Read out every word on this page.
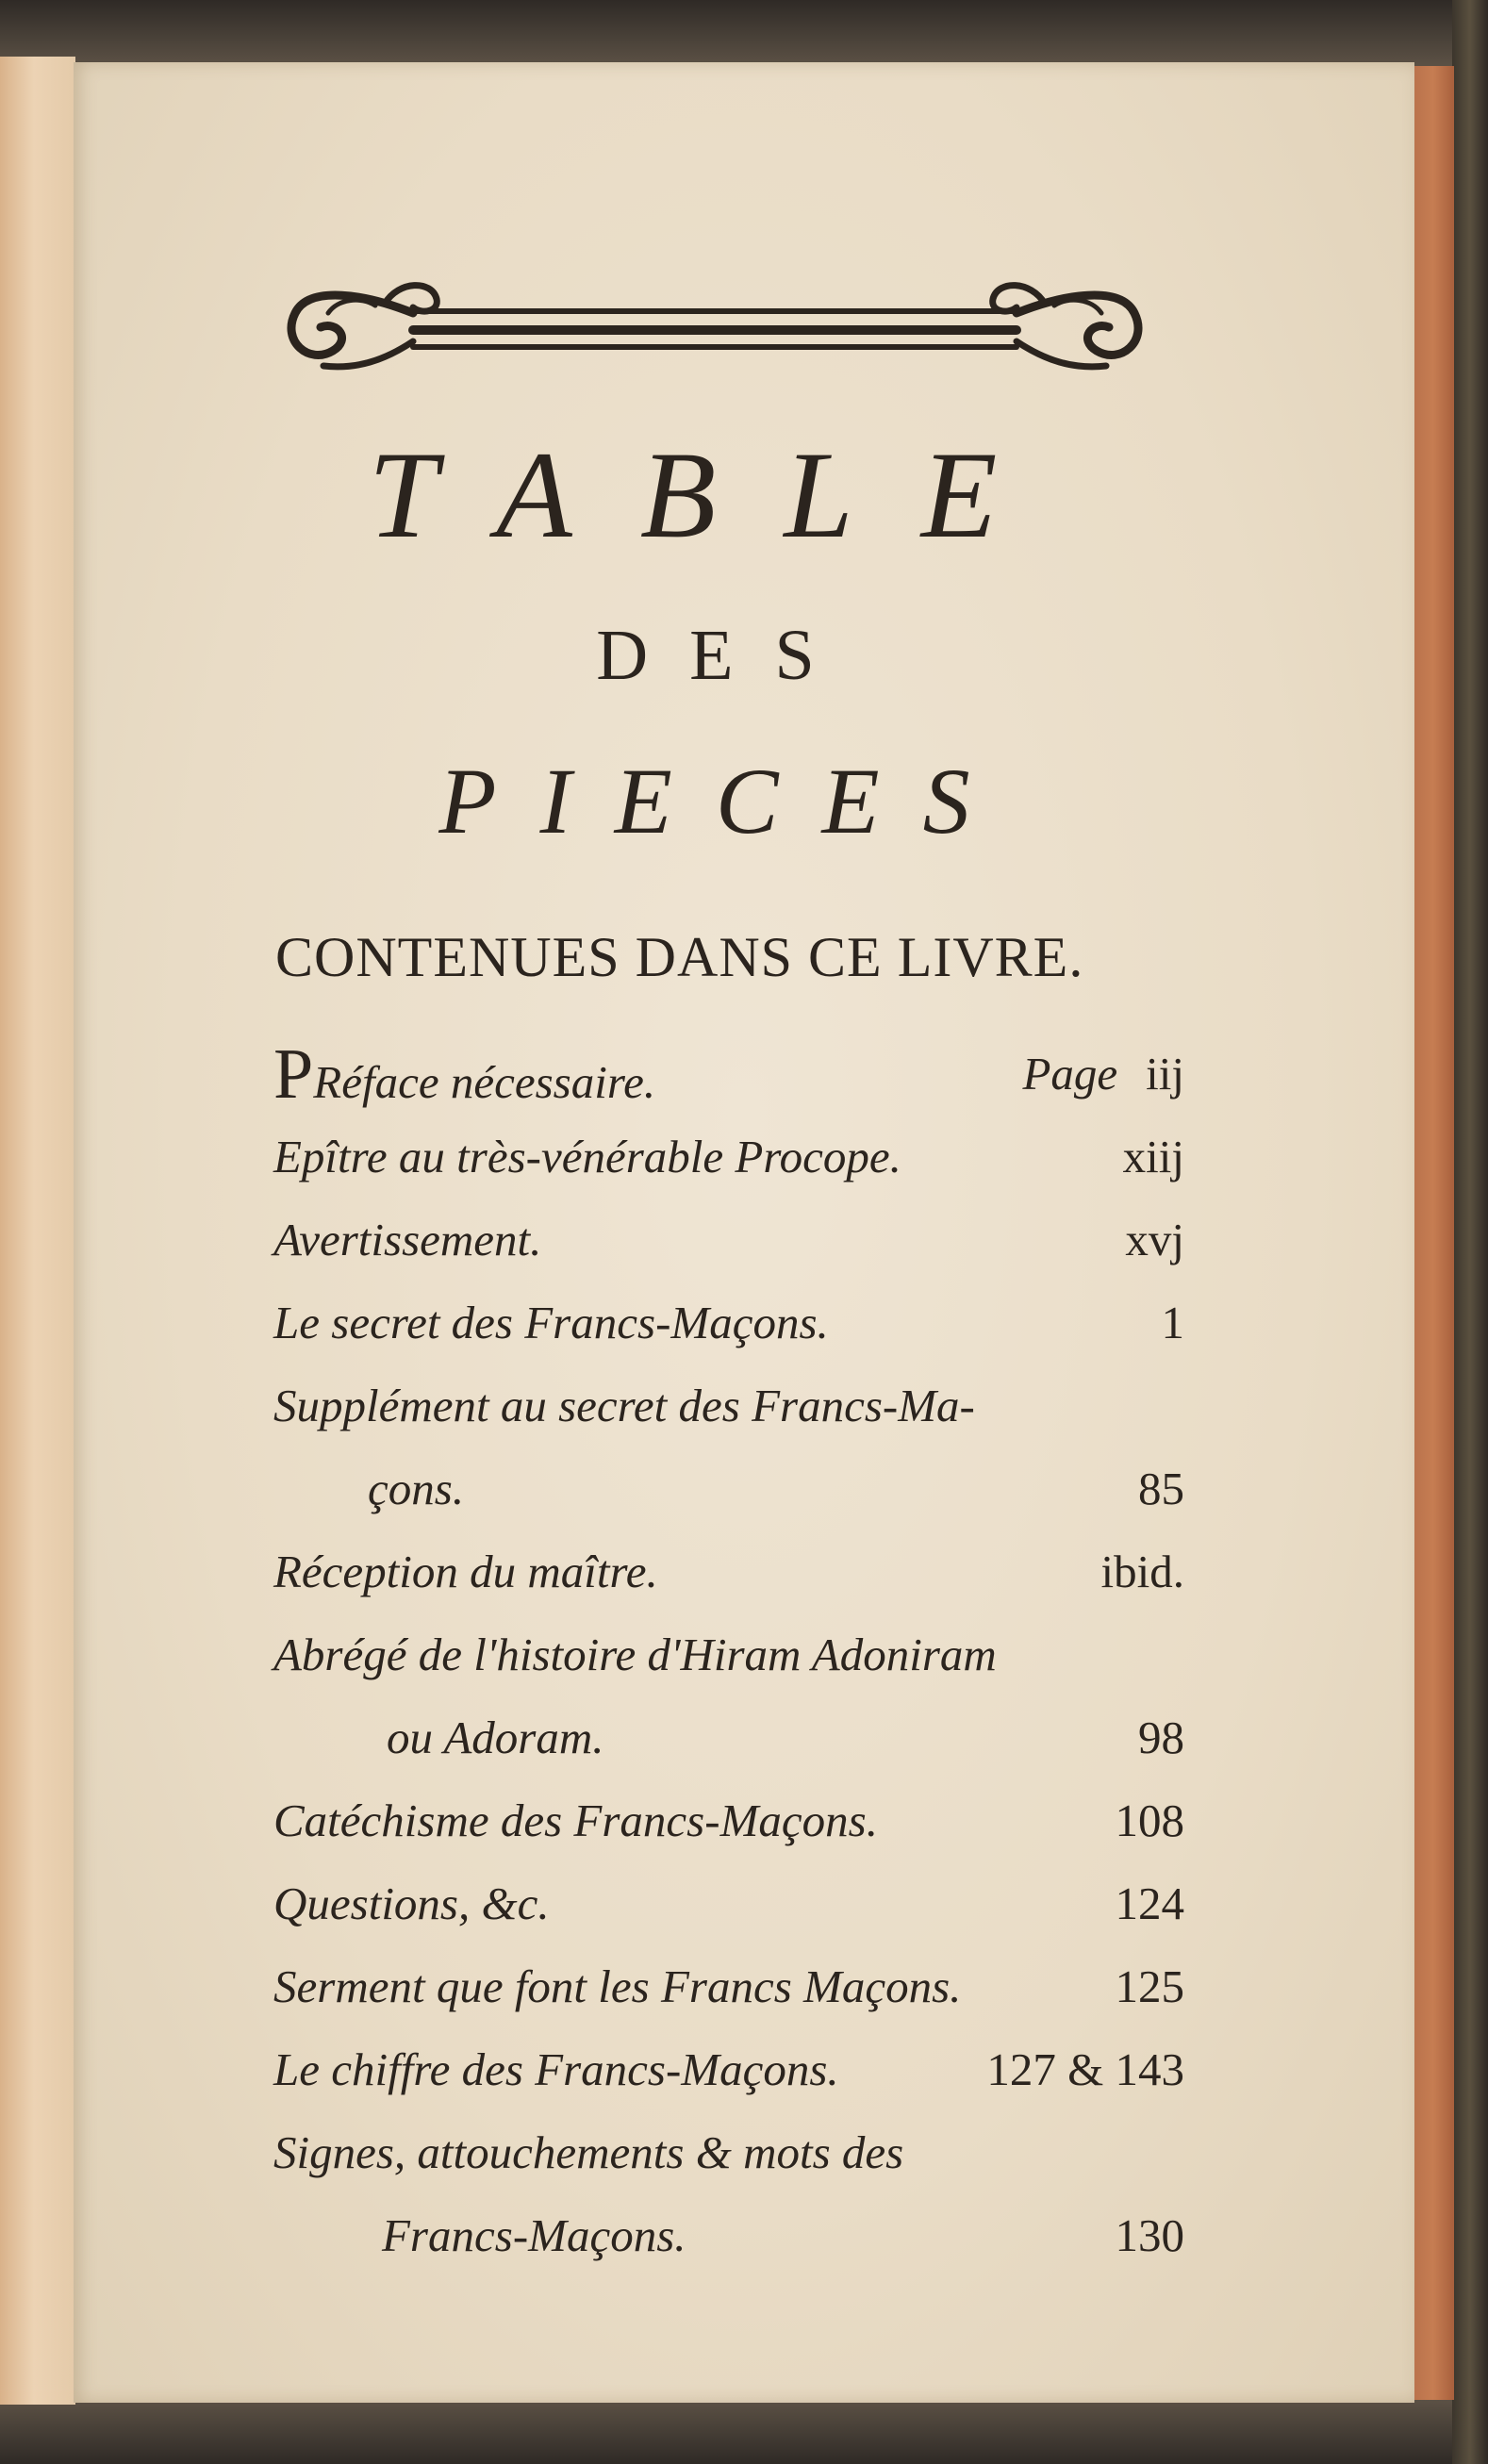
TABLE
DES
PIECES
CONTENUES DANS CE LIVRE.
PRéface nécessaire.	Page iij
Epître au très-vénérable Procope.	xiij
Avertissement.	xvj
Le secret des Francs-Maçons.	1
Supplément au secret des Francs-Ma-
çons.	85
Réception du maître.	ibid.
Abrégé de l'histoire d'Hiram Adoniram
ou Adoram.	98
Catéchisme des Francs-Maçons.	108
Questions, &c.	124
Serment que font les Francs Maçons.	125
Le chiffre des Francs-Maçons.	127 & 143
Signes, attouchements & mots des
Francs-Maçons.	130
